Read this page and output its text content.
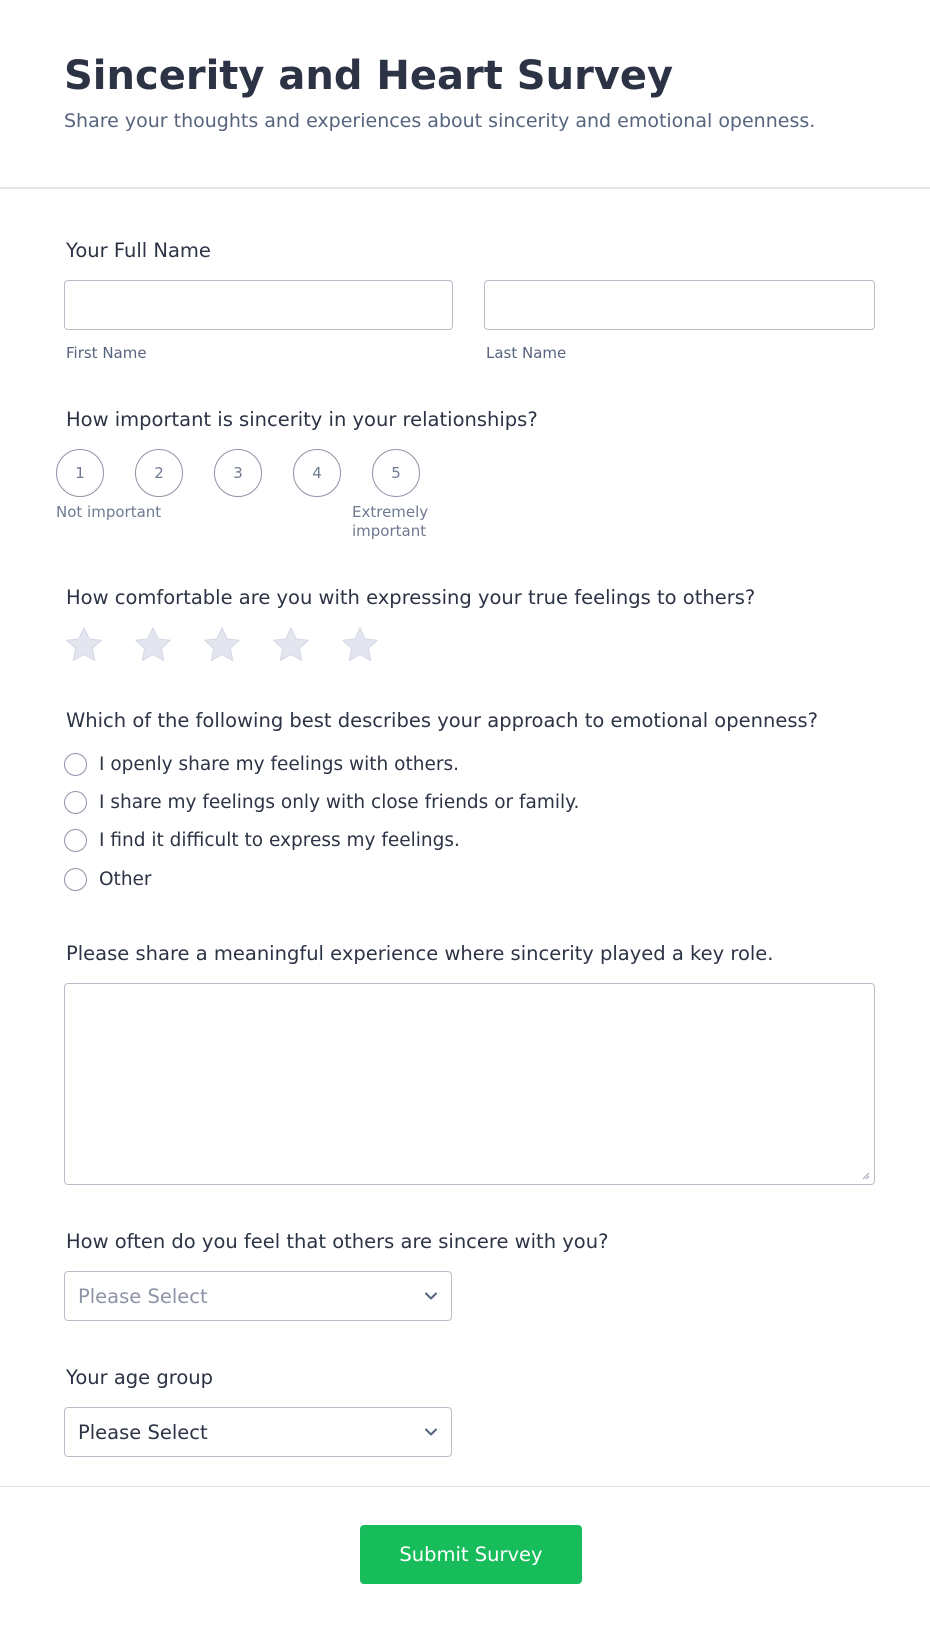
Sincerity and Heart Survey

Share your thoughts and experiences about sincerity and emotional openness.

Your Full Name
First Name	Last Name
How important is sincerity in your relationships?
1	2	3	4	5
Not important	Extremely
important
How comfortable are you with expressing your true feelings to others?
Which of the following best describes your approach to emotional openness?
I openly share my feelings with others.
I share my feelings only with close friends or family.
I find it difficult to express my feelings.
Other
Please share a meaningful experience where sincerity played a key role.
How often do you feel that others are sincere with you?
Please Select
Your age group
Please Select
Submit Survey
